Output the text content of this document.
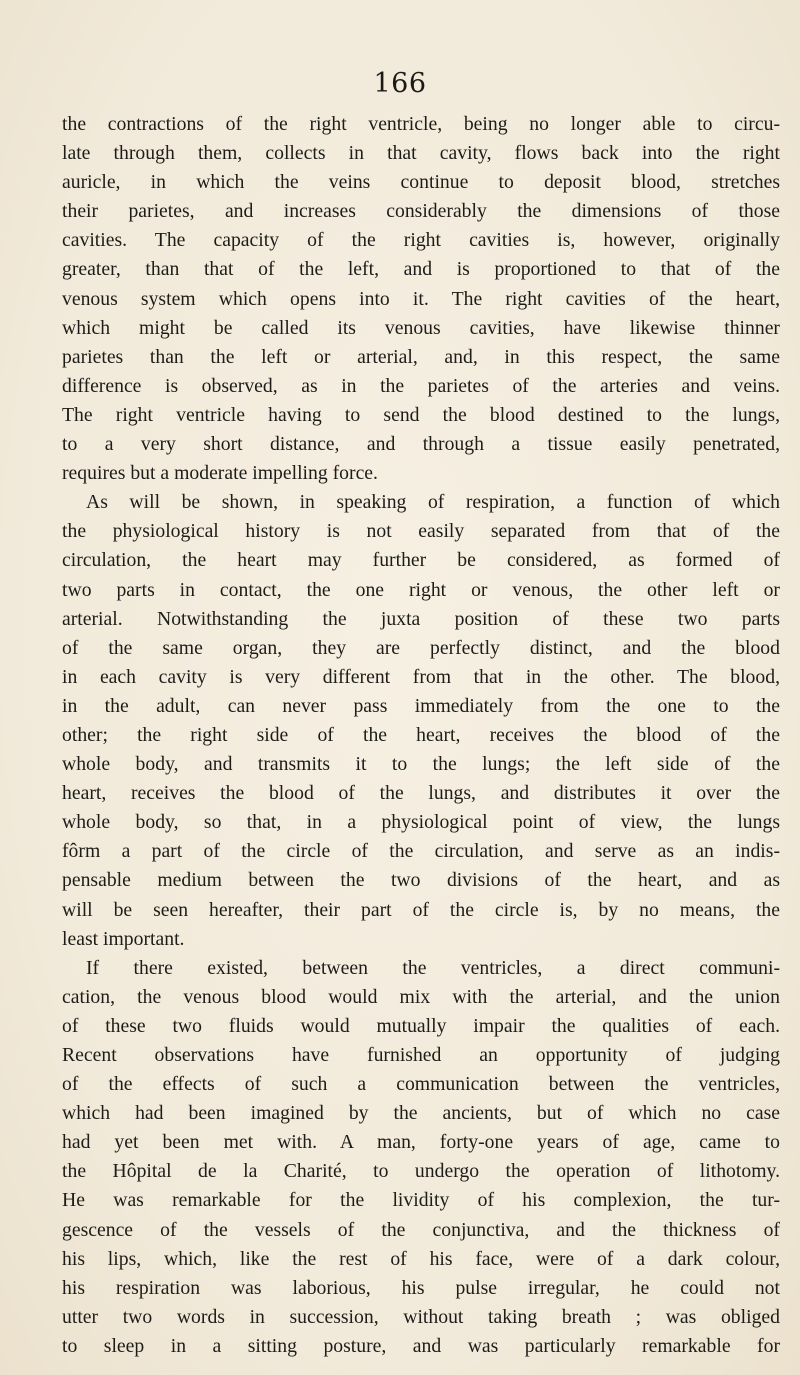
166

the contractions of the right ventricle, being no longer able to circu-
late through them, collects in that cavity, flows back into the right
auricle, in which the veins continue to deposit blood, stretches
their parietes, and increases considerably the dimensions of those
cavities. The capacity of the right cavities is, however, originally
greater, than that of the left, and is proportioned to that of the
venous system which opens into it. The right cavities of the heart,
which might be called its venous cavities, have likewise thinner
parietes than the left or arterial, and, in this respect, the same
difference is observed, as in the parietes of the arteries and veins.
The right ventricle having to send the blood destined to the lungs,
to a very short distance, and through a tissue easily penetrated,
requires but a moderate impelling force.

As will be shown, in speaking of respiration, a function of which
the physiological history is not easily separated from that of the
circulation, the heart may further be considered, as formed of
two parts in contact, the one right or venous, the other left or
arterial. Notwithstanding the juxta position of these two parts
of the same organ, they are perfectly distinct, and the blood
in each cavity is very different from that in the other. The blood,
in the adult, can never pass immediately from the one to the
other; the right side of the heart, receives the blood of the
whole body, and transmits it to the lungs; the left side of the
heart, receives the blood of the lungs, and distributes it over the
whole body, so that, in a physiological point of view, the lungs
fôrm a part of the circle of the circulation, and serve as an indis-
pensable medium between the two divisions of the heart, and as
will be seen hereafter, their part of the circle is, by no means, the
least important.

If there existed, between the ventricles, a direct communi-
cation, the venous blood would mix with the arterial, and the union
of these two fluids would mutually impair the qualities of each.
Recent observations have furnished an opportunity of judging
of the effects of such a communication between the ventricles,
which had been imagined by the ancients, but of which no case
had yet been met with. A man, forty-one years of age, came to
the Hôpital de la Charité, to undergo the operation of lithotomy.
He was remarkable for the lividity of his complexion, the tur-
gescence of the vessels of the conjunctiva, and the thickness of
his lips, which, like the rest of his face, were of a dark colour,
his respiration was laborious, his pulse irregular, he could not
utter two words in succession, without taking breath ; was obliged
to sleep in a sitting posture, and was particularly remarkable for
